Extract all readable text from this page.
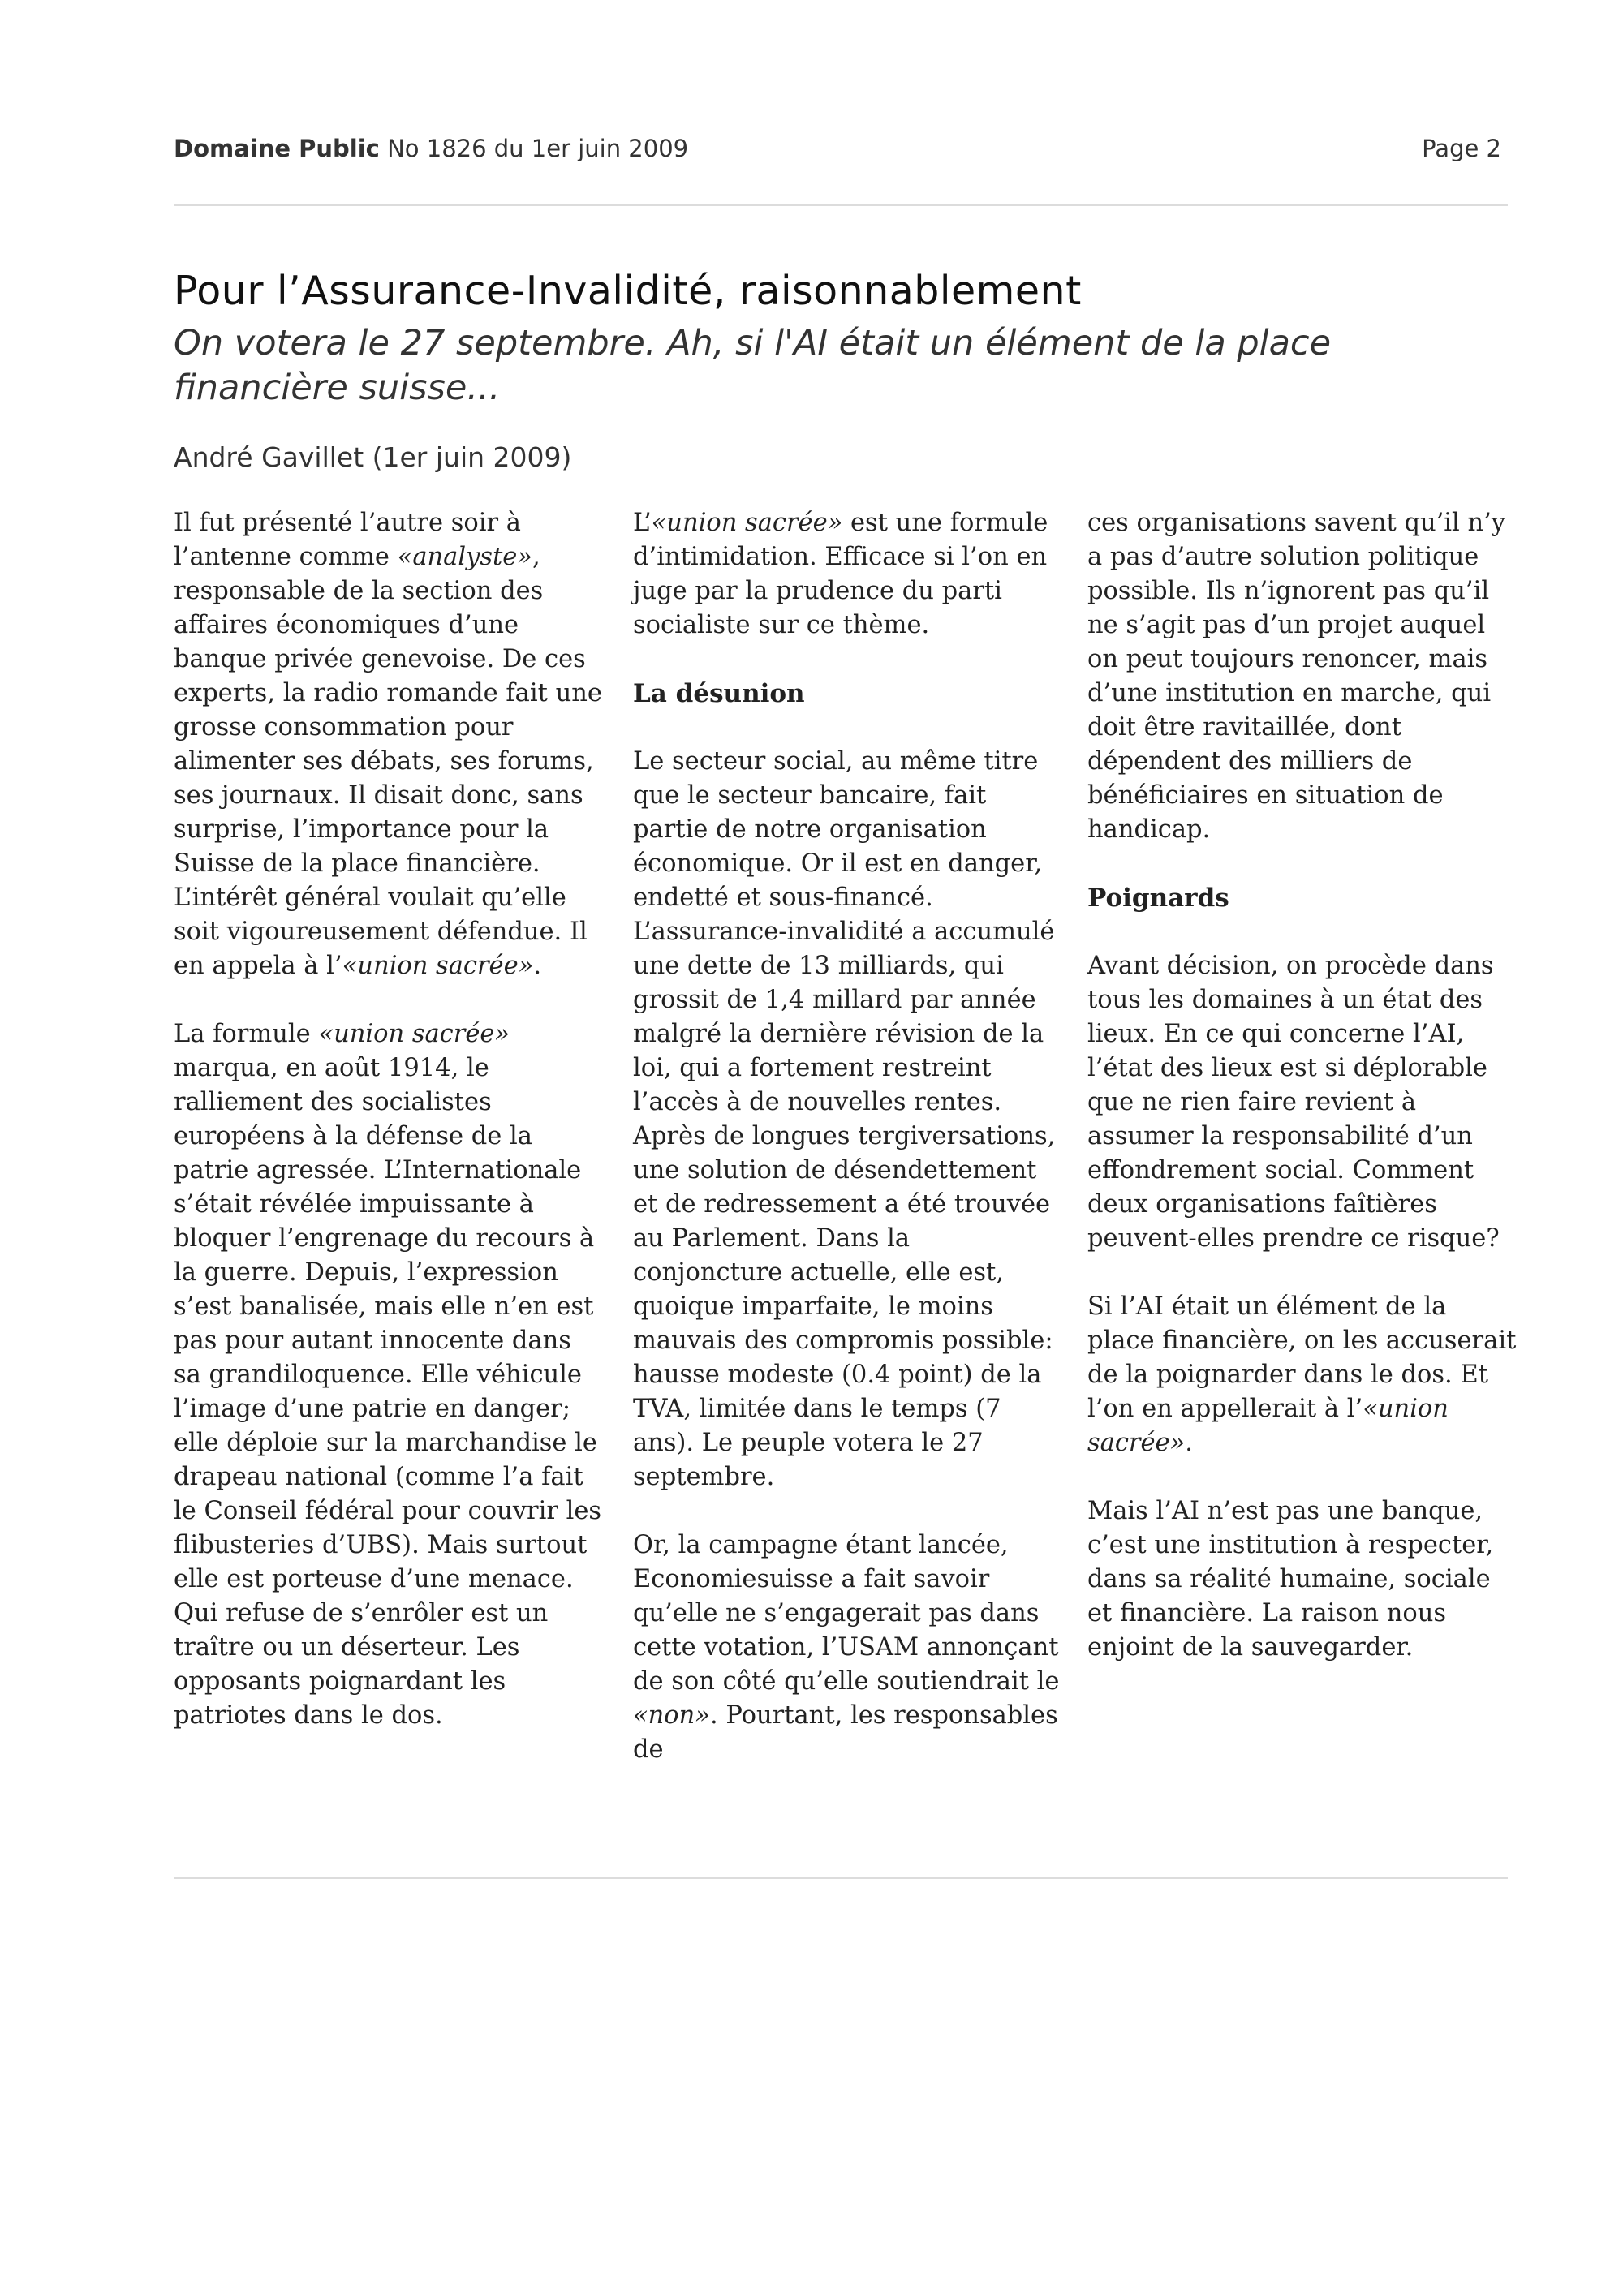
Domaine Public No 1826 du 1er juin 2009	Page 2
Pour l’Assurance-Invalidité, raisonnablement

On votera le 27 septembre. Ah, si l'AI était un élément de la place financière suisse...

André Gavillet (1er juin 2009)

Il fut présenté l’autre soir à l’antenne comme «analyste», responsable de la section des affaires économiques d’une banque privée genevoise. De ces experts, la radio romande fait une grosse consommation pour alimenter ses débats, ses forums, ses journaux. Il disait donc, sans surprise, l’importance pour la Suisse de la place financière. L’intérêt général voulait qu’elle soit vigoureusement défendue. Il en appela à l’«union sacrée».

La formule «union sacrée» marqua, en août 1914, le ralliement des socialistes européens à la défense de la patrie agressée. L’Internationale s’était révélée impuissante à bloquer l’engrenage du recours à la guerre. Depuis, l’expression s’est banalisée, mais elle n’en est pas pour autant innocente dans sa grandiloquence. Elle véhicule l’image d’une patrie en danger; elle déploie sur la marchandise le drapeau national (comme l’a fait le Conseil fédéral pour couvrir les flibusteries d’UBS). Mais surtout elle est porteuse d’une menace. Qui refuse de s’enrôler est un traître ou un déserteur. Les opposants poignardant les patriotes dans le dos.

L’«union sacrée» est une formule d’intimidation. Efficace si l’on en juge par la prudence du parti socialiste sur ce thème.

La désunion

Le secteur social, au même titre que le secteur bancaire, fait partie de notre organisation économique. Or il est en danger, endetté et sous-financé. L’assurance-invalidité a accumulé une dette de 13 milliards, qui grossit de 1,4 millard par année malgré la dernière révision de la loi, qui a fortement restreint l’accès à de nouvelles rentes. Après de longues tergiversations, une solution de désendettement et de redressement a été trouvée au Parlement. Dans la conjoncture actuelle, elle est, quoique imparfaite, le moins mauvais des compromis possible: hausse modeste (0.4 point) de la TVA, limitée dans le temps (7 ans). Le peuple votera le 27 septembre.

Or, la campagne étant lancée, Economiesuisse a fait savoir qu’elle ne s’engagerait pas dans cette votation, l’USAM annonçant de son côté qu’elle soutiendrait le «non». Pourtant, les responsables de

ces organisations savent qu’il n’y a pas d’autre solution politique possible. Ils n’ignorent pas qu’il ne s’agit pas d’un projet auquel on peut toujours renoncer, mais d’une institution en marche, qui doit être ravitaillée, dont dépendent des milliers de bénéficiaires en situation de handicap.

Poignards

Avant décision, on procède dans tous les domaines à un état des lieux. En ce qui concerne l’AI, l’état des lieux est si déplorable que ne rien faire revient à assumer la responsabilité d’un effondrement social. Comment deux organisations faîtières peuvent-elles prendre ce risque?

Si l’AI était un élément de la place financière, on les accuserait de la poignarder dans le dos. Et l’on en appellerait à l’«union sacrée».

Mais l’AI n’est pas une banque, c’est une institution à respecter, dans sa réalité humaine, sociale et financière. La raison nous enjoint de la sauvegarder.
